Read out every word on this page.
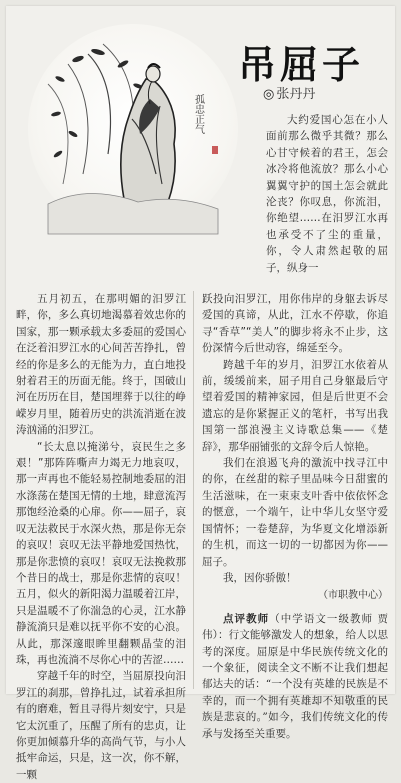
孤忠正气
吊屈子
◎ 张丹丹

大约爱国心怎在小人面前那么微乎其微？那么心甘守候着的君王，怎会冰冷将他流放？那么小心翼翼守护的国土怎会就此沦丧？你叹息，你流泪，你绝望……在汨罗江水再也承受不了尘的重量，你，令人肃然起敬的屈子，纵身一

五月初五，在那明媚的汨罗江畔，你，多么真切地渴慕着效忠你的国家，那一颗承载太多委屈的爱国心在泛着汨罗江水的心间苦苦挣扎，曾经的你是多么的无能为力，直白地投射着君王的历面无能。终于，国破山河在历历在目，楚国埋葬于以往的峥嵘岁月里，随着历史的洪流消逝在波涛汹涌的汨罗江。

“长太息以掩涕兮，哀民生之多艰！”那阵阵嘶声力竭无力地哀叹，那一声再也不能轻易控制地委屈的泪水涤荡在楚国无情的土地，肆意流泻那饱经沧桑的心扉。你——屈子，哀叹无法救民于水深火热，那是你无奈的哀叹！哀叹无法平静地爱国热忱，那是你悲愤的哀叹！哀叹无法挽救那个昔日的战士，那是你悲情的哀叹！五月，似火的新阳渴力温暖着江岸，只是温暖不了你湍急的心灵，江水静静流淌只是难以抚平你不安的心浪。从此，那深邃眼眸里翻颗晶莹的泪珠，再也流淌不尽你心中的苦涩……

穿越千年的时空，当屈原投向汨罗江的刹那，曾挣扎过，试着承担所有的磨难，暂且寻得片刻安宁，只是它太沉重了，压醒了所有的忠贞，让你更加倾慕升华的高尚气节，与小人抵牢命运，只是，这一次，你不解，一颗

跃投向汨罗江，用你伟岸的身躯去诉尽爱国的真谛，从此，江水不停歇，你追寻“香草”“美人”的脚步将永不止步，这份深情今后世动容，绵延至今。

跨越千年的岁月，汨罗江水依着从前，缓缓前来，屈子用自己身躯最后守望着爱国的精神家园，但是后世更不会遗忘的是你紧握正义的笔杆，书写出我国第一部浪漫主义诗歌总集——《楚辞》，那华丽铺张的文辞令后人惊艳。

我们在浪遏飞舟的激流中找寻江中的你，在丝甜的粽子里品味今日甜蜜的生活滋味，在一束束支叶香中依依怀念的惬意，一个端午，让中华儿女坚守爱国情怀；一卷楚辞，为华夏文化增添新的生机，而这一切的一切都因为你——屈子。

我，因你骄傲！

（市职教中心）

点评教师（中学语文一级教师 贾伟）：行文能够激发人的想象，给人以思考的深度。屈原是中华民族传统文化的一个象征，阅读全文不断不让我们想起郁达夫的话：“一个没有英雄的民族是不幸的，而一个拥有英雄却不知敬重的民族是悲哀的。”如今，我们传统文化的传承与发扬至关重要。
